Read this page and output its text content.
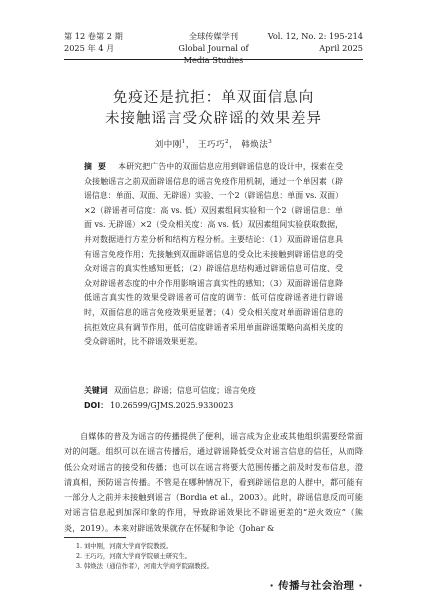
第 12 卷第 2 期	全球传媒学刊	Vol. 12, No. 2: 195-214
2025 年 4 月	Global Journal of Media Studies
April 2025
免疫还是抗拒：单双面信息向
未接触谣言受众辟谣的效果差异
刘中刚$^1$， 王巧巧$^2$， 韩焕法$^3$
摘要 本研究把广告中的双面信息应用到辟谣信息的设计中，探索在受众接触谣言之前双面辟谣信息的谣言免疫作用机制，通过一个单因素（辟谣信息：单面、双面、无辟谣）实验、一个2（辟谣信息：单面 vs. 双面）×2（辟谣者可信度：高 vs. 低）双因素组间实验和一个2（辟谣信息：单面 vs. 无辟谣）×2（受众相关度：高 vs. 低）双因素组间实验获取数据，并对数据进行方差分析和结构方程分析。主要结论：（1）双面辟谣信息具有谣言免疫作用；先接触到双面辟谣信息的受众比未接触到辟谣信息的受众对谣言的真实性感知更低；（2）辟谣信息结构通过辟谣信息可信度、受众对辟谣者态度的中介作用影响谣言真实性的感知；（3）双面辟谣信息降低谣言真实性的效果受辟谣者可信度的调节：低可信度辟谣者进行辟谣时，双面信息的谣言免疫效果更显著；（4）受众相关度对单面辟谣信息的抗拒效应具有调节作用，低可信度辟谣者采用单面辟谣策略向高相关度的受众辟谣时，比不辟谣效果更差。
关键词 双面信息；辟谣；信息可信度；谣言免疫
DOI： 10.26599/GJMS.2025.9330023

自媒体的普及为谣言的传播提供了便利，谣言成为企业或其他组织需要经常面对的问题。组织可以在谣言传播后，通过辟谣降低受众对谣言信息的信任，从而降低公众对谣言的接受和传播；也可以在谣言将要大范围传播之前及时发布信息，澄清真相，预防谣言传播。不管是在哪种情况下，看到辟谣信息的人群中，都可能有一部分人之前并未接触到谣言（Bordia et al.，2003）。此时，辟谣信息反而可能对谣言信息起到加深印象的作用，导致辟谣效果比不辟谣更差的“逆火效应”（熊炎，2019）。本来对辟谣效果就存在怀疑和争论（Johar &

1. 刘中刚，河南大学商学院教授。
2. 王巧巧，河南大学商学院硕士研究生。
3. 韩焕法（通信作者），河南大学商学院副教授。
· 传播与社会治理 ·
